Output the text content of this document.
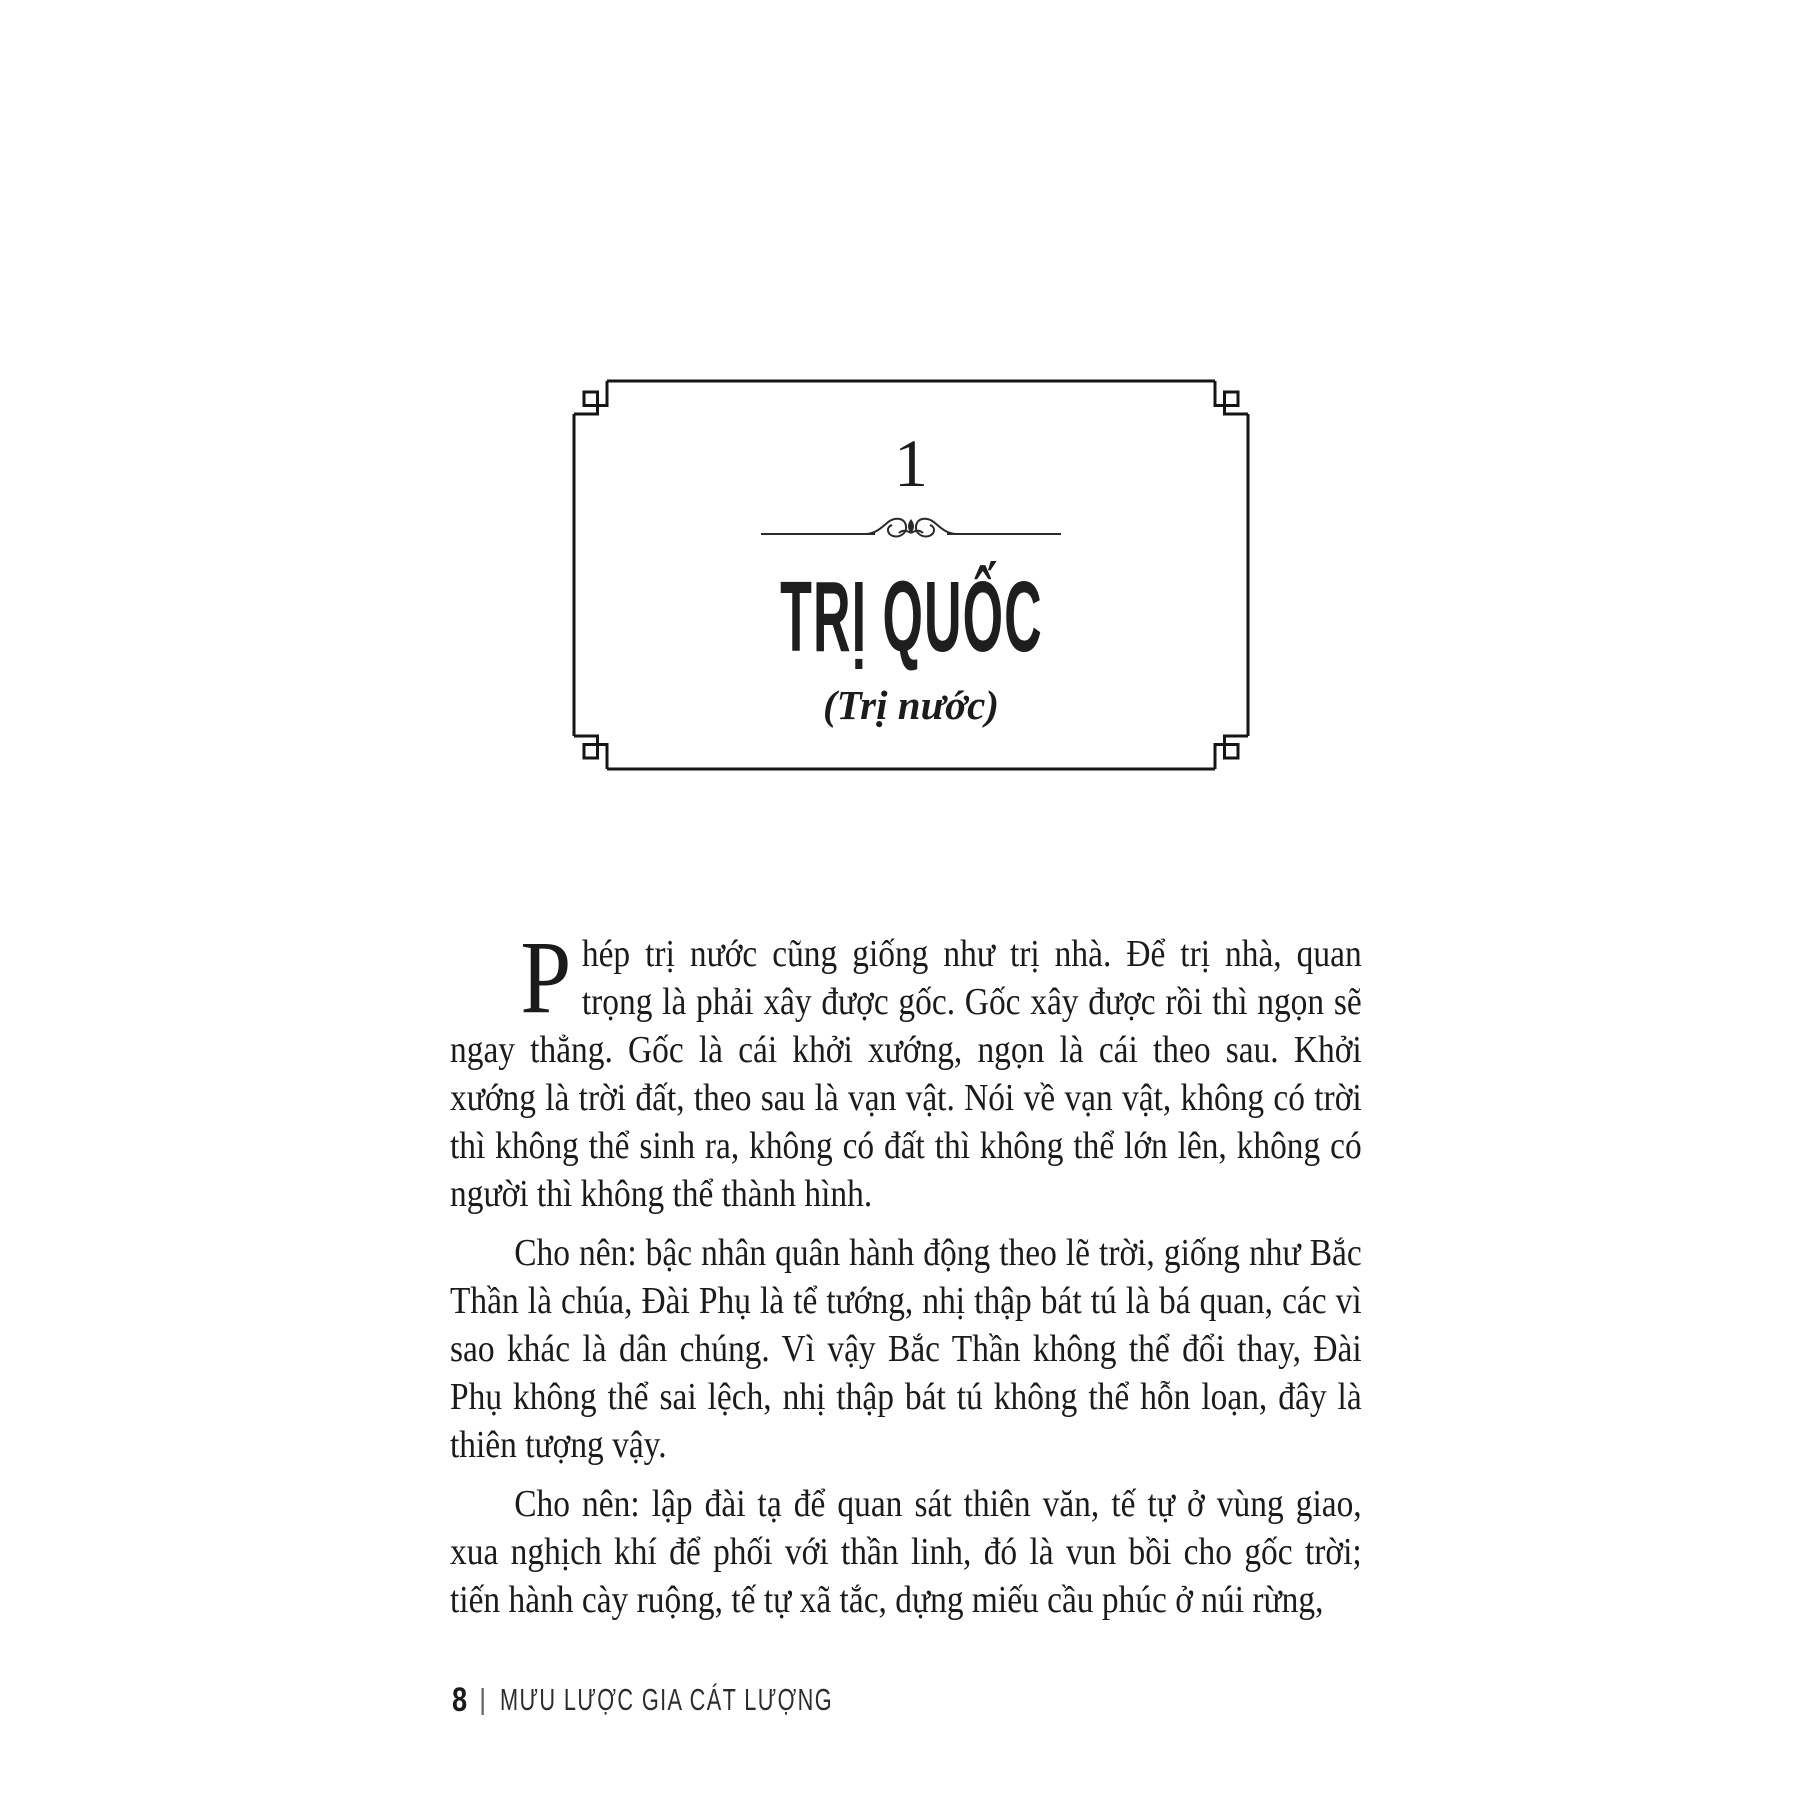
1
TRỊ QUỐC
(Trị nước)

Phép trị nước cũng giống như trị nhà. Để trị nhà, quan trọng là phải xây được gốc. Gốc xây được rồi thì ngọn sẽ ngay thẳng. Gốc là cái khởi xướng, ngọn là cái theo sau. Khởi xướng là trời đất, theo sau là vạn vật. Nói về vạn vật, không có trời thì không thể sinh ra, không có đất thì không thể lớn lên, không có người thì không thể thành hình.

Cho nên: bậc nhân quân hành động theo lẽ trời, giống như Bắc Thần là chúa, Đài Phụ là tể tướng, nhị thập bát tú là bá quan, các vì sao khác là dân chúng. Vì vậy Bắc Thần không thể đổi thay, Đài Phụ không thể sai lệch, nhị thập bát tú không thể hỗn loạn, đây là thiên tượng vậy.

Cho nên: lập đài tạ để quan sát thiên văn, tế tự ở vùng giao, xua nghịch khí để phối với thần linh, đó là vun bồi cho gốc trời; tiến hành cày ruộng, tế tự xã tắc, dựng miếu cầu phúc ở núi rừng,

8 | MƯU LƯỢC GIA CÁT LƯỢNG
